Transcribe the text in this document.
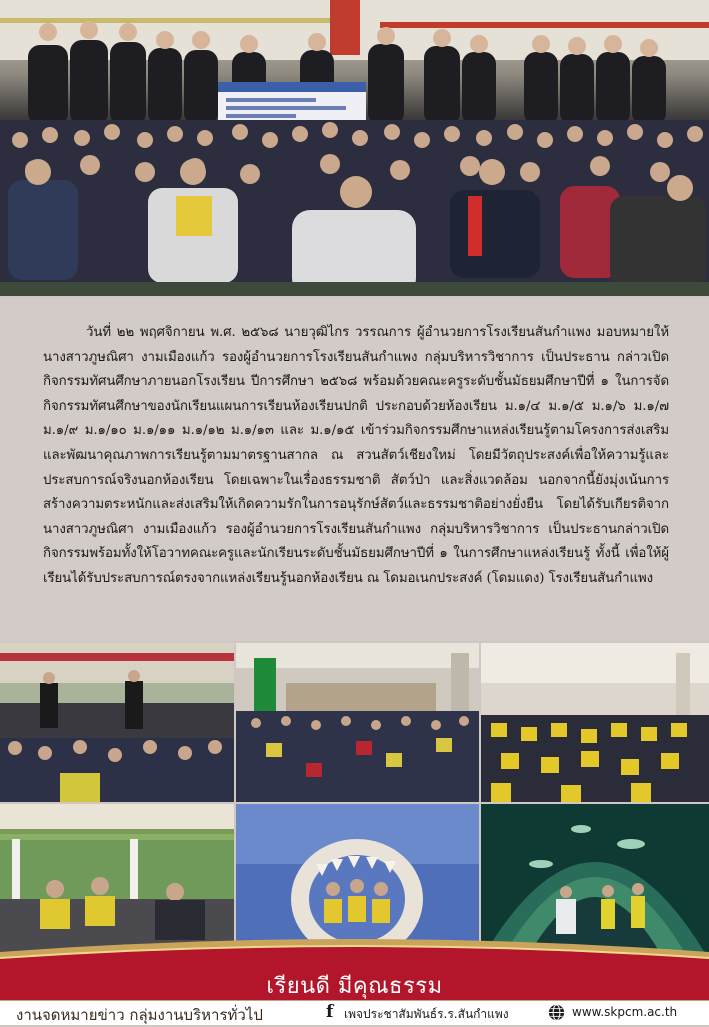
วันที่ ๒๒ พฤศจิกายน พ.ศ. ๒๕๖๘ นายวุฒิไกร วรรณการ ผู้อำนวยการโรงเรียนสันกำแพง มอบหมายให้นางสาวภูษณิศา งามเมืองแก้ว รองผู้อำนวยการโรงเรียนสันกำแพง กลุ่มบริหารวิชาการ เป็นประธาน กล่าวเปิดกิจกรรมทัศนศึกษาภายนอกโรงเรียน ปีการศึกษา ๒๕๖๘ พร้อมด้วยคณะครูระดับชั้นมัธยมศึกษาปีที่ ๑ ในการจัดกิจกรรมทัศนศึกษาของนักเรียนแผนการเรียนห้องเรียนปกติ ประกอบด้วยห้องเรียน ม.๑/๔ ม.๑/๕ ม.๑/๖ ม.๑/๗ ม.๑/๙ ม.๑/๑๐ ม.๑/๑๑ ม.๑/๑๒ ม.๑/๑๓ และ ม.๑/๑๕ เข้าร่วมกิจกรรมศึกษาแหล่งเรียนรู้ตามโครงการส่งเสริมและพัฒนาคุณภาพการเรียนรู้ตามมาตรฐานสากล ณ สวนสัตว์เชียงใหม่ โดยมีวัตถุประสงค์เพื่อให้ความรู้และประสบการณ์จริงนอกห้องเรียน โดยเฉพาะในเรื่องธรรมชาติ สัตว์ป่า และสิ่งแวดล้อม นอกจากนี้ยังมุ่งเน้นการสร้างความตระหนักและส่งเสริมให้เกิดความรักในการอนุรักษ์สัตว์และธรรมชาติอย่างยั่งยืน โดยได้รับเกียรติจากนางสาวภูษณิศา งามเมืองแก้ว รองผู้อำนวยการโรงเรียนสันกำแพง กลุ่มบริหารวิชาการ เป็นประธานกล่าวเปิดกิจกรรมพร้อมทั้งให้โอวาทคณะครูและนักเรียนระดับชั้นมัธยมศึกษาปีที่ ๑ ในการศึกษาแหล่งเรียนรู้ ทั้งนี้ เพื่อให้ผู้เรียนได้รับประสบการณ์ตรงจากแหล่งเรียนรู้นอกห้องเรียน ณ โดมอเนกประสงค์ (โดมแดง) โรงเรียนสันกำแพง

เรียนดี มีคุณธรรม
งานจดหมายข่าว กลุ่มงานบริหารทั่วไป	f เพจประชาสัมพันธ์ร.ร.สันกำแพง	www.skpcm.ac.th
